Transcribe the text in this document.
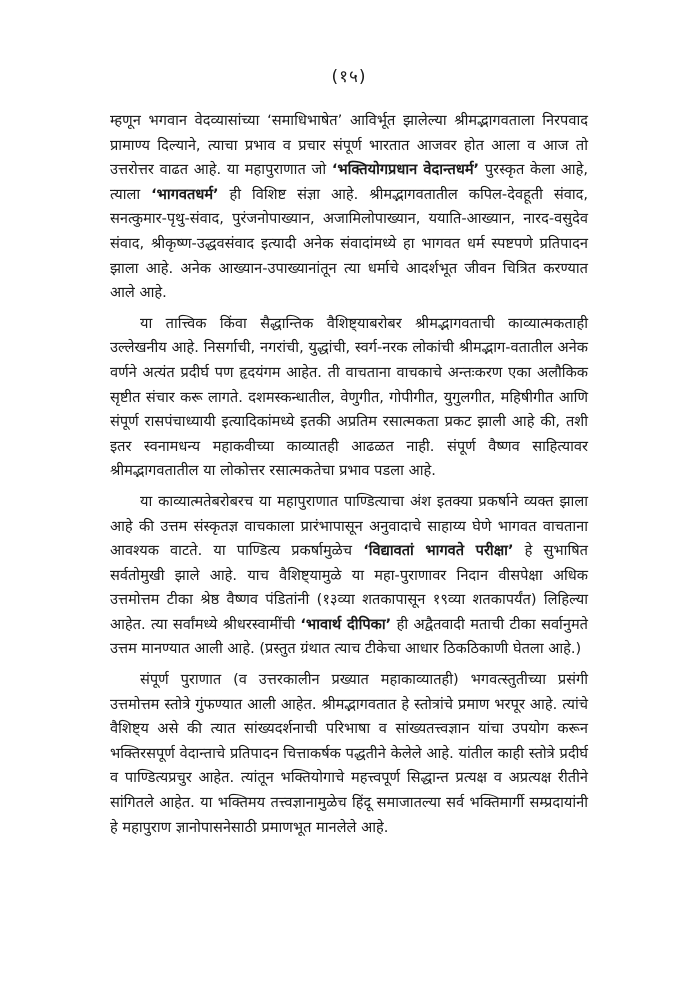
(१५)

म्हणून भगवान वेदव्यासांच्या ‘समाधिभाषेत’ आविर्भूत झालेल्या श्रीमद्भागवताला निरपवाद प्रामाण्य दिल्याने, त्याचा प्रभाव व प्रचार संपूर्ण भारतात आजवर होत आला व आज तो उत्तरोत्तर वाढत आहे. या महापुराणात जो ‘भक्तियोगप्रधान वेदान्तधर्म’ पुरस्कृत केला आहे, त्याला ‘भागवतधर्म’ ही विशिष्ट संज्ञा आहे. श्रीमद्भागवतातील कपिल-देवहूती संवाद, सनत्कुमार-पृथु-संवाद, पुरंजनोपाख्यान, अजामिलोपाख्यान, ययाति-आख्यान, नारद-वसुदेव संवाद, श्रीकृष्ण-उद्धवसंवाद इत्यादी अनेक संवादांमध्ये हा भागवत धर्म स्पष्टपणे प्रतिपादन झाला आहे. अनेक आख्यान-उपाख्यानांतून त्या धर्माचे आदर्शभूत जीवन चित्रित करण्यात आले आहे.

या तात्त्विक किंवा सैद्धान्तिक वैशिष्ट्याबरोबर श्रीमद्भागवताची काव्यात्मकताही उल्लेखनीय आहे. निसर्गाची, नगरांची, युद्धांची, स्वर्ग-नरक लोकांची श्रीमद्भाग-वतातील अनेक वर्णने अत्यंत प्रदीर्घ पण हृदयंगम आहेत. ती वाचताना वाचकाचे अन्तःकरण एका अलौकिक सृष्टीत संचार करू लागते. दशमस्कन्धातील, वेणुगीत, गोपीगीत, युगुलगीत, महिषीगीत आणि संपूर्ण रासपंचाध्यायी इत्यादिकांमध्ये इतकी अप्रतिम रसात्मकता प्रकट झाली आहे की, तशी इतर स्वनामधन्य महाकवीच्या काव्यातही आढळत नाही. संपूर्ण वैष्णव साहित्यावर श्रीमद्भागवतातील या लोकोत्तर रसात्मकतेचा प्रभाव पडला आहे.

या काव्यात्मतेबरोबरच या महापुराणात पाण्डित्याचा अंश इतक्या प्रकर्षाने व्यक्त झाला आहे की उत्तम संस्कृतज्ञ वाचकाला प्रारंभापासून अनुवादाचे साहाय्य घेणे भागवत वाचताना आवश्यक वाटते. या पाण्डित्य प्रकर्षामुळेच ‘विद्यावतां भागवते परीक्षा’ हे सुभाषित सर्वतोमुखी झाले आहे. याच वैशिष्ट्यामुळे या महा-पुराणावर निदान वीसपेक्षा अधिक उत्तमोत्तम टीका श्रेष्ठ वैष्णव पंडितांनी (१३व्या शतकापासून १९व्या शतकापर्यंत) लिहिल्या आहेत. त्या सर्वांमध्ये श्रीधरस्वामींची ‘भावार्थ दीपिका’ ही अद्वैतवादी मताची टीका सर्वानुमते उत्तम मानण्यात आली आहे. (प्रस्तुत ग्रंथात त्याच टीकेचा आधार ठिकठिकाणी घेतला आहे.)

संपूर्ण पुराणात (व उत्तरकालीन प्रख्यात महाकाव्यातही) भगवत्स्तुतीच्या प्रसंगी उत्तमोत्तम स्तोत्रे गुंफण्यात आली आहेत. श्रीमद्भागवतात हे स्तोत्रांचे प्रमाण भरपूर आहे. त्यांचे वैशिष्ट्य असे की त्यात सांख्यदर्शनाची परिभाषा व सांख्यतत्त्वज्ञान यांचा उपयोग करून भक्तिरसपूर्ण वेदान्ताचे प्रतिपादन चित्ताकर्षक पद्धतीने केलेले आहे. यांतील काही स्तोत्रे प्रदीर्घ व पाण्डित्यप्रचुर आहेत. त्यांतून भक्तियोगाचे महत्त्वपूर्ण सिद्धान्त प्रत्यक्ष व अप्रत्यक्ष रीतीने सांगितले आहेत. या भक्तिमय तत्त्वज्ञानामुळेच हिंदू समाजातल्या सर्व भक्तिमार्गी सम्प्रदायांनी हे महापुराण ज्ञानोपासनेसाठी प्रमाणभूत मानलेले आहे.
